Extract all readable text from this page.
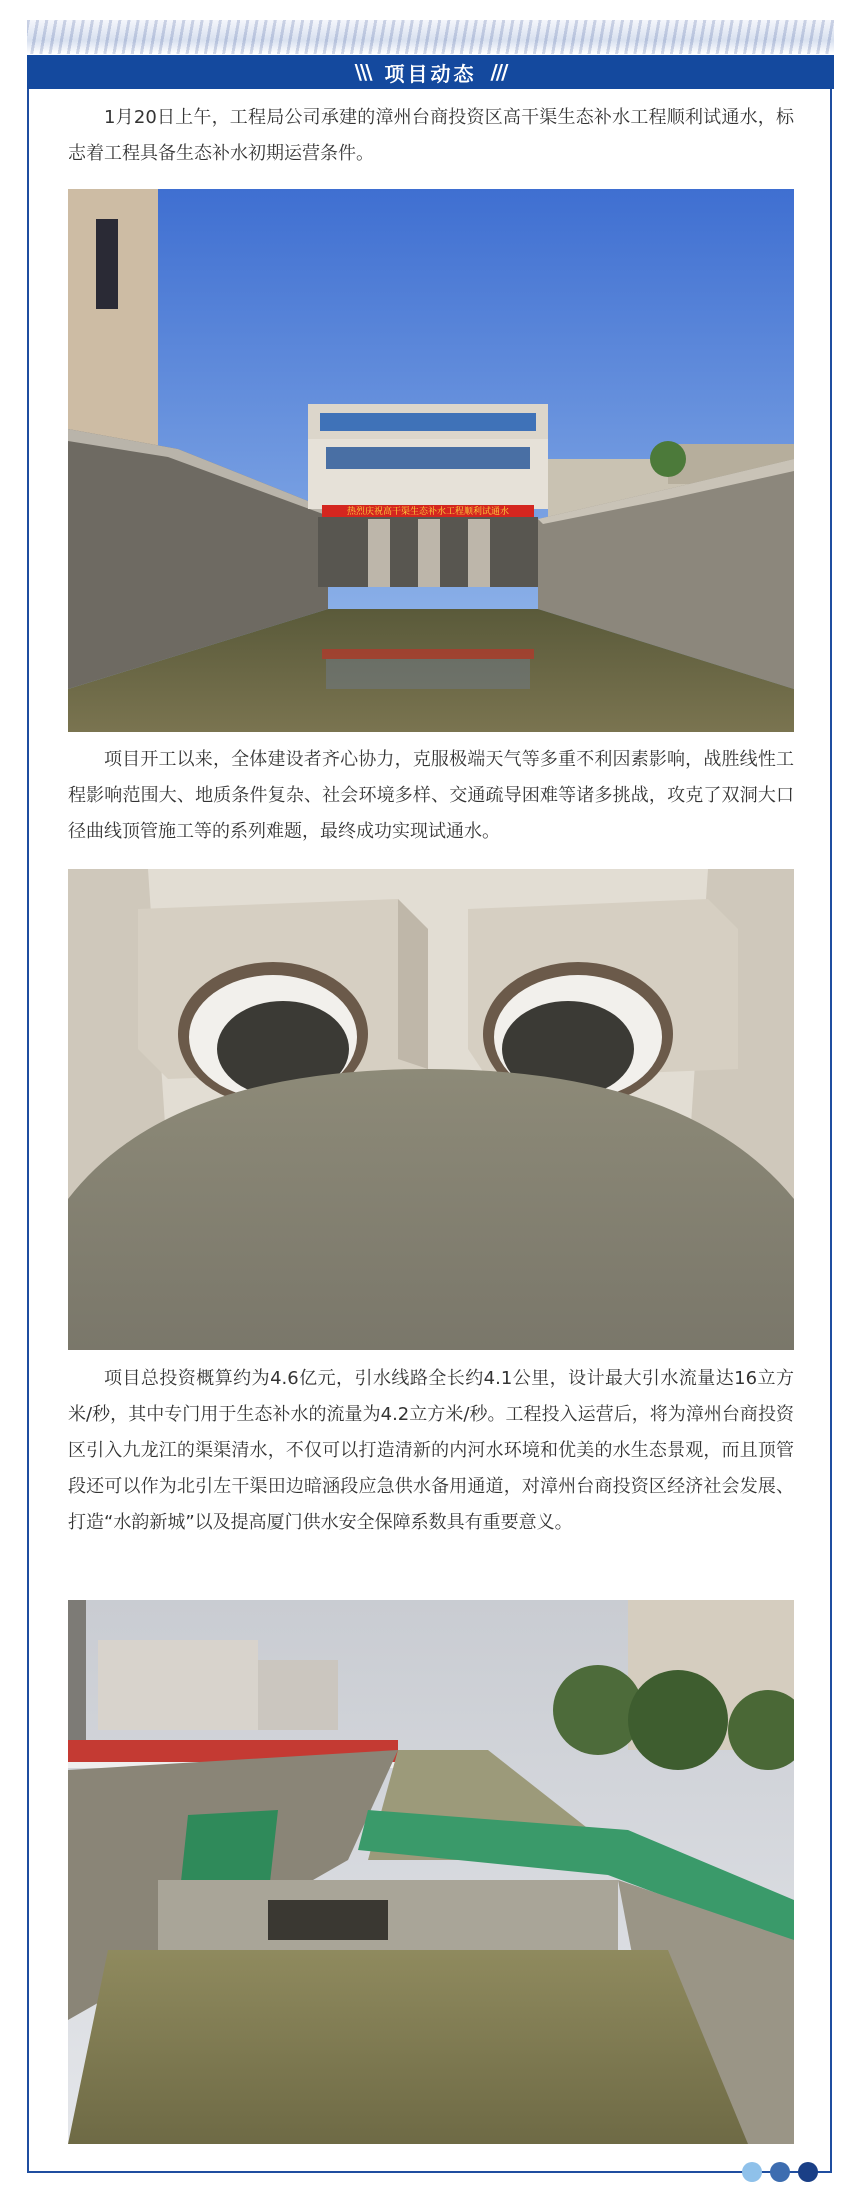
\\\ 项目动态 ///

1月20日上午，工程局公司承建的漳州台商投资区高干渠生态补水工程顺利试通水，标志着工程具备生态补水初期运营条件。

热烈庆祝高干渠生态补水工程顺利试通水

项目开工以来，全体建设者齐心协力，克服极端天气等多重不利因素影响，战胜线性工程影响范围大、地质条件复杂、社会环境多样、交通疏导困难等诸多挑战，攻克了双洞大口径曲线顶管施工等的系列难题，最终成功实现试通水。

项目总投资概算约为4.6亿元，引水线路全长约4.1公里，设计最大引水流量达16立方米/秒，其中专门用于生态补水的流量为4.2立方米/秒。工程投入运营后，将为漳州台商投资区引入九龙江的渠渠清水，不仅可以打造清新的内河水环境和优美的水生态景观，而且顶管段还可以作为北引左干渠田边暗涵段应急供水备用通道，对漳州台商投资区经济社会发展、打造“水韵新城”以及提高厦门供水安全保障系数具有重要意义。
